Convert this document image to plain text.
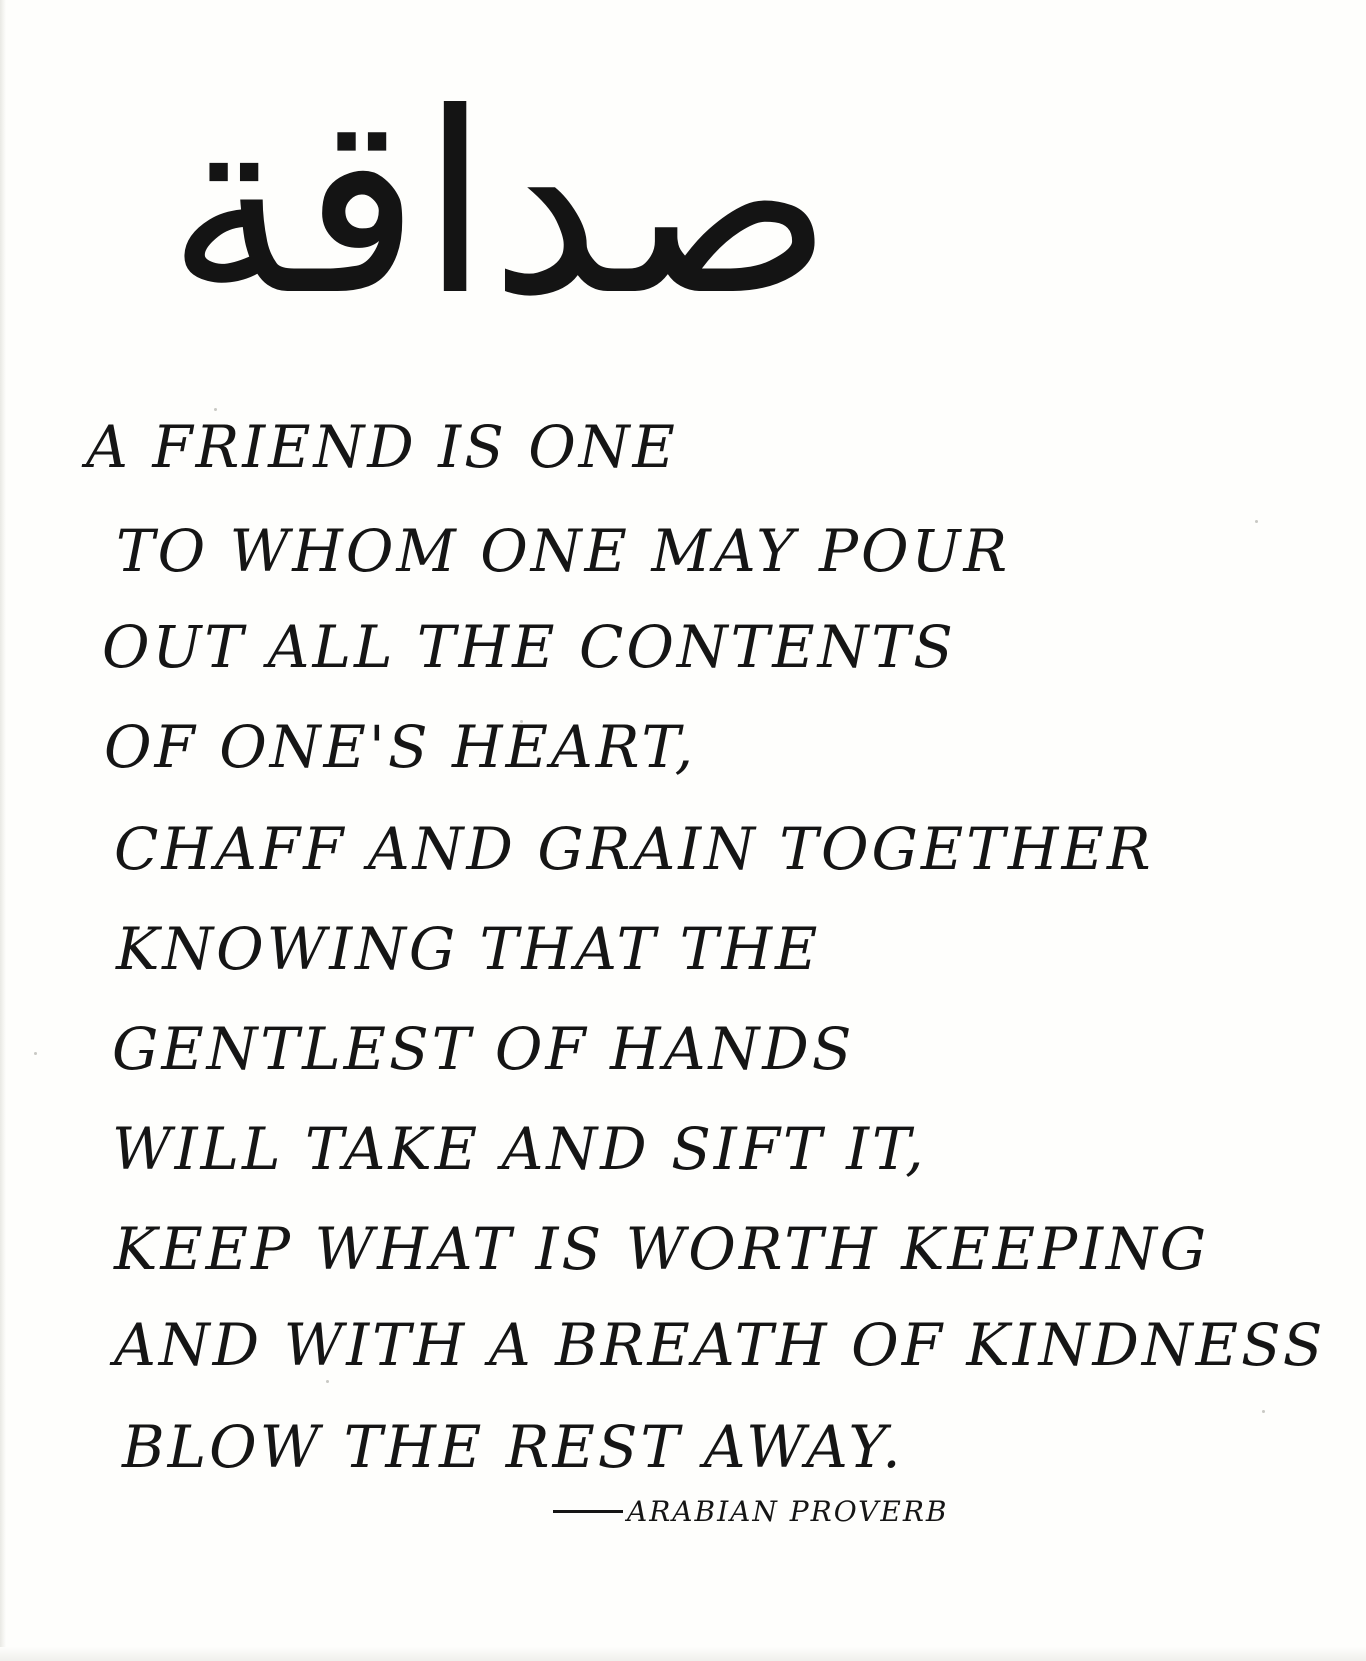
صداقة
A FRIEND IS ONE
TO WHOM ONE MAY POUR
OUT ALL THE CONTENTS
OF ONE'S HEART,
CHAFF AND GRAIN TOGETHER
KNOWING THAT THE
GENTLEST OF HANDS
WILL TAKE AND SIFT IT,
KEEP WHAT IS WORTH KEEPING
AND WITH A BREATH OF KINDNESS
BLOW THE REST AWAY.
ARABIAN PROVERB
